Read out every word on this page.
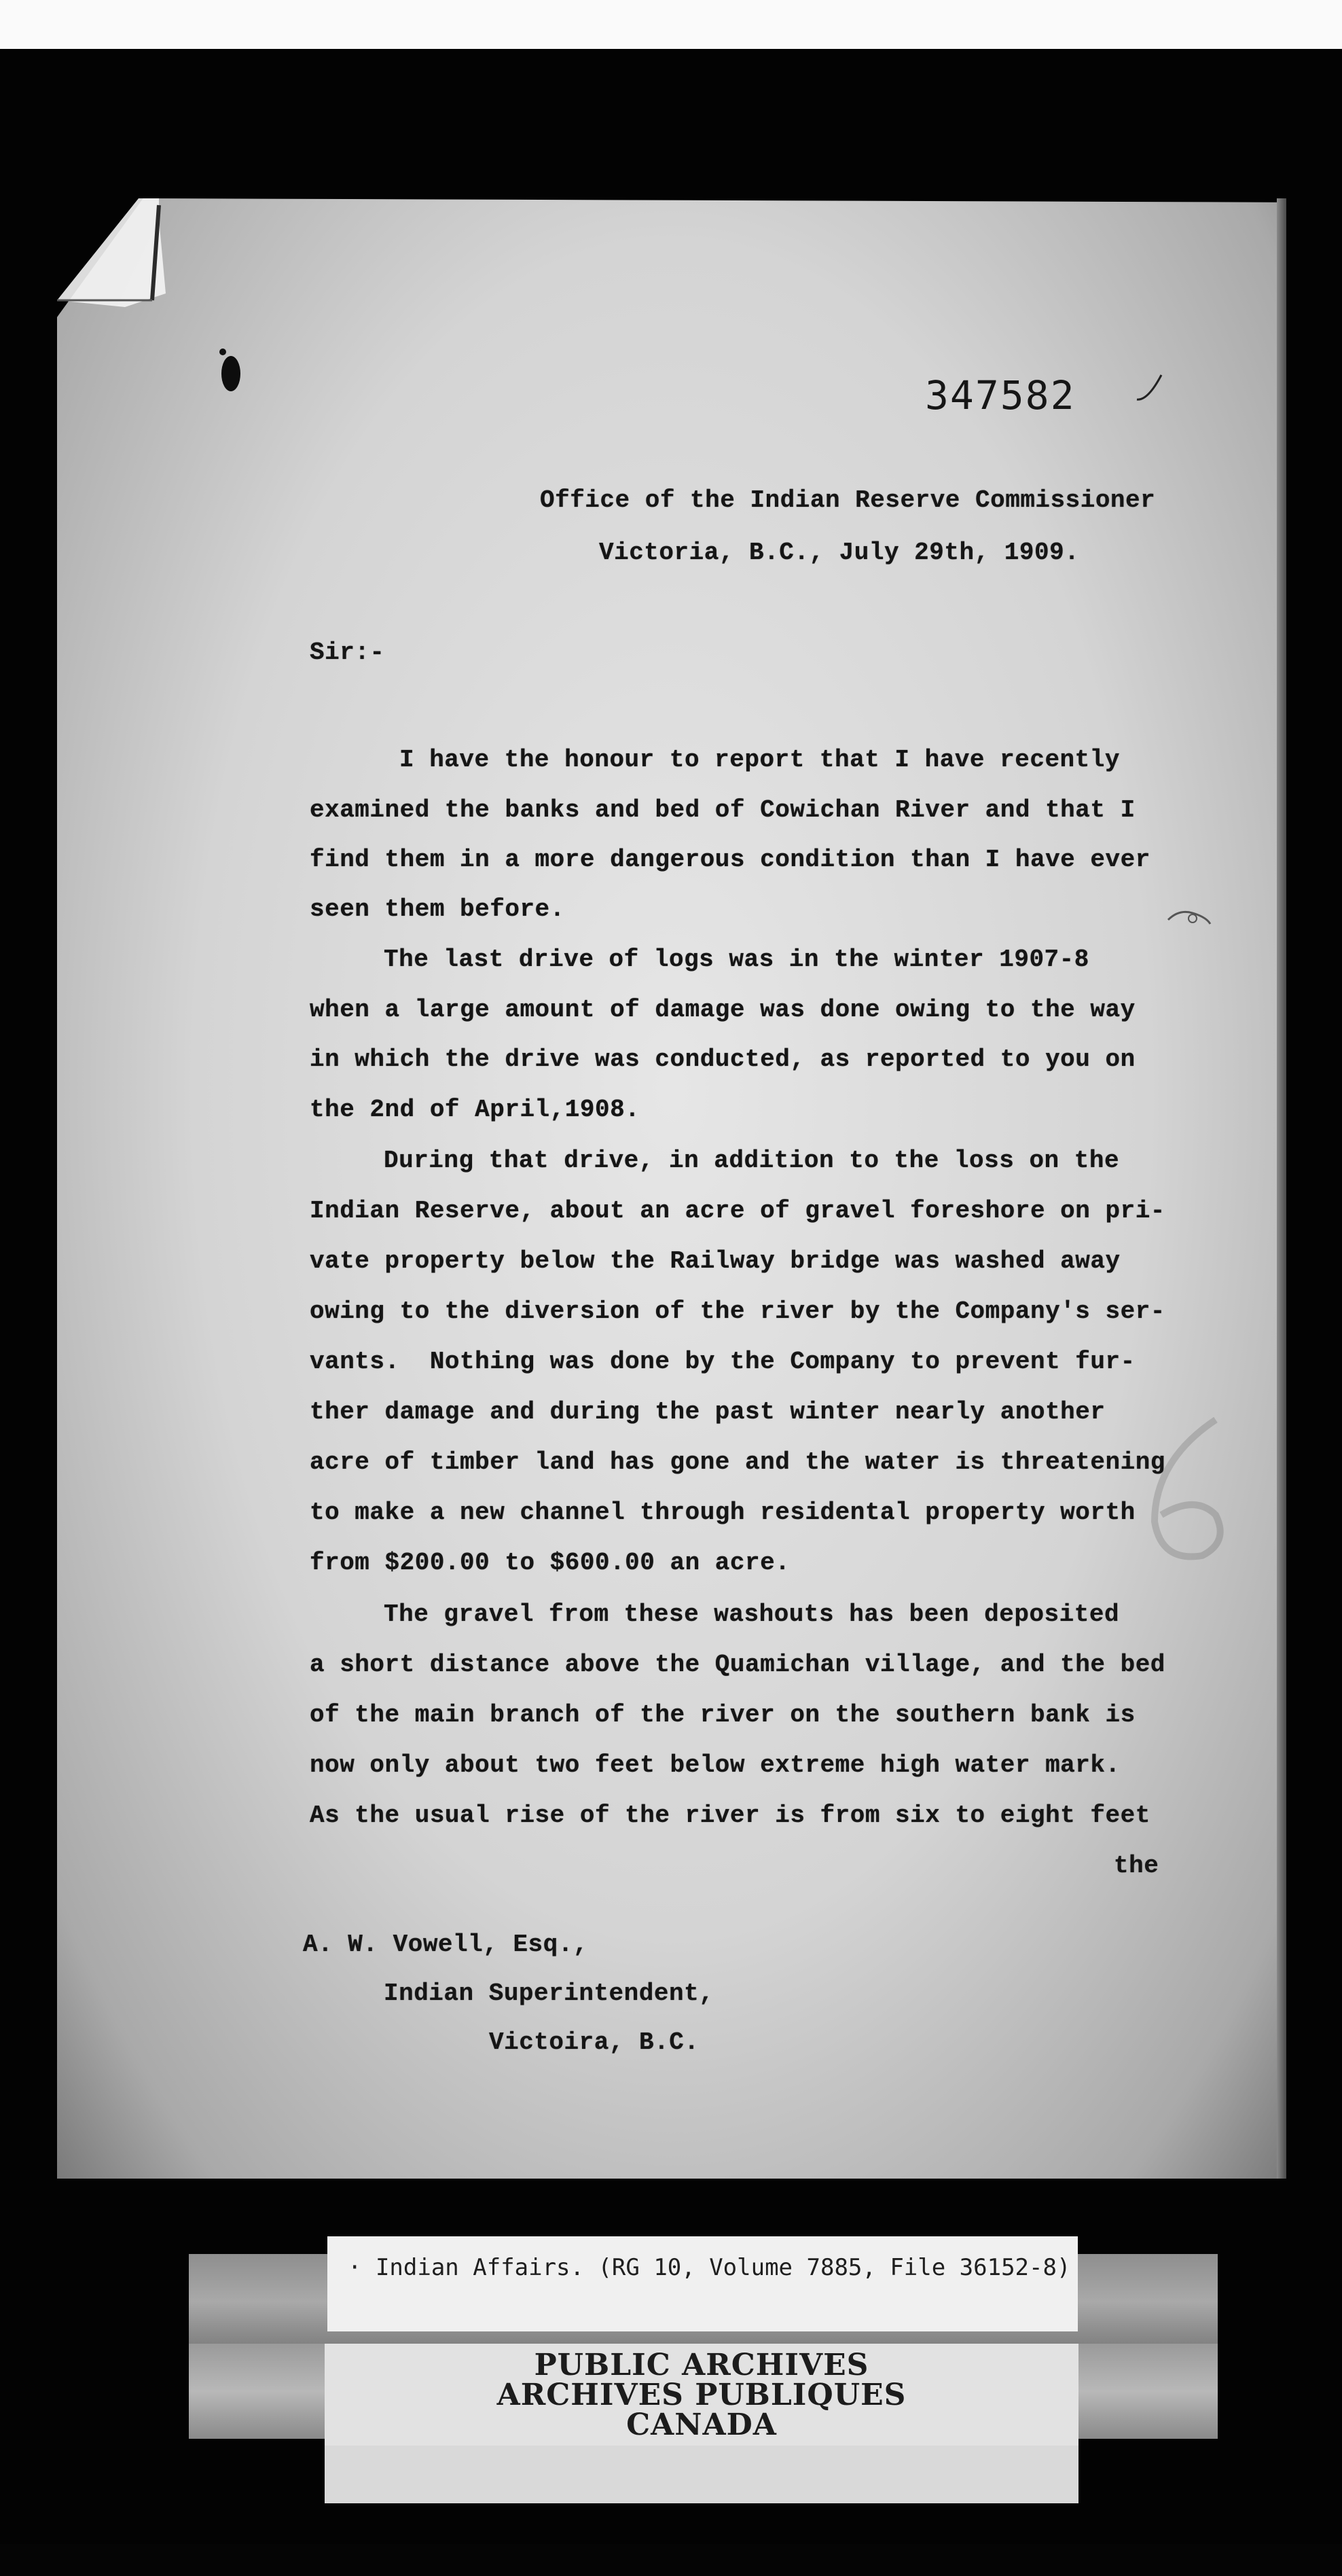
347582
Office of the Indian Reserve Commissioner
Victoria, B.C., July 29th, 1909.
Sir:-
I have the honour to report that I have recently
examined the banks and bed of Cowichan River and that I
find them in a more dangerous condition than I have ever
seen them before.
The last drive of logs was in the winter 1907-8
when a large amount of damage was done owing to the way
in which the drive was conducted, as reported to you on
the 2nd of April,1908.
During that drive, in addition to the loss on the
Indian Reserve, about an acre of gravel foreshore on pri-
vate property below the Railway bridge was washed away
owing to the diversion of the river by the Company's ser-
vants.  Nothing was done by the Company to prevent fur-
ther damage and during the past winter nearly another
acre of timber land has gone and the water is threatening
to make a new channel through residental property worth
from $200.00 to $600.00 an acre.
The gravel from these washouts has been deposited
a short distance above the Quamichan village, and the bed
of the main branch of the river on the southern bank is
now only about two feet below extreme high water mark.
As the usual rise of the river is from six to eight feet
the
A. W. Vowell, Esq.,
Indian Superintendent,
Victoira, B.C.
· Indian Affairs. (RG 10, Volume 7885, File 36152-8)
PUBLIC ARCHIVES
ARCHIVES PUBLIQUES
CANADA
